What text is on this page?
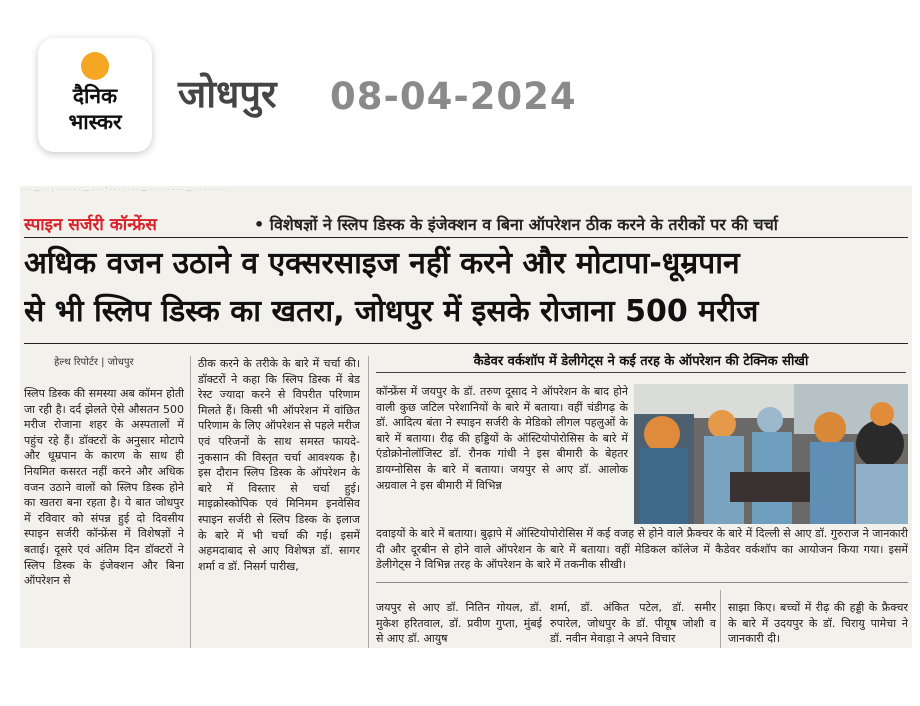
दैनिक
भास्कर
जोधपुर 08-04-2024
· · · — · · : · · · · · · — · · · ' · · · · · · · — · · · · · · · · — · · · · · · · ·
स्पाइन सर्जरी कॉन्फ्रेंस	• विशेषज्ञों ने स्लिप डिस्क के इंजेक्शन व बिना ऑपरेशन ठीक करने के तरीकों पर की चर्चा
अधिक वजन उठाने व एक्सरसाइज नहीं करने और मोटापा-धूम्रपान
से भी स्लिप डिस्क का खतरा, जोधपुर में इसके रोजाना 500 मरीज
हेल्थ रिपोर्टर | जोधपुर
स्लिप डिस्क की समस्या अब कॉमन होती जा रही है। दर्द झेलते ऐसे औसतन 500 मरीज रोजाना शहर के अस्पतालों में पहुंच रहे हैं। डॉक्टरों के अनुसार मोटापे और धूम्रपान के कारण के साथ ही नियमित कसरत नहीं करने और अधिक वजन उठाने वालों को स्लिप डिस्क होने का खतरा बना रहता है। ये बात जोधपुर में रविवार को संपन्न हुई दो दिवसीय स्पाइन सर्जरी कॉन्फ्रेंस में विशेषज्ञों ने बताई। दूसरे एवं अंतिम दिन डॉक्टरों ने स्लिप डिस्क के इंजेक्शन और बिना ऑपरेशन से
ठीक करने के तरीके के बारे में चर्चा की। डॉक्टरों ने कहा कि स्लिप डिस्क में बेड रेस्ट ज्यादा करने से विपरीत परिणाम मिलते हैं। किसी भी ऑपरेशन में वांछित परिणाम के लिए ऑपरेशन से पहले मरीज एवं परिजनों के साथ समस्त फायदे-नुकसान की विस्तृत चर्चा आवश्यक है। इस दौरान स्लिप डिस्क के ऑपरेशन के बारे में विस्तार से चर्चा हुई। माइक्रोस्कोपिक एवं मिनिमम इनवेसिव स्पाइन सर्जरी से स्लिप डिस्क के इलाज के बारे में भी चर्चा की गई। इसमें अहमदाबाद से आए विशेषज्ञ डॉ. सागर शर्मा व डॉ. निसर्ग पारीख,
कैडेवर वर्कशॉप में डेलीगेट्स ने कई तरह के ऑपरेशन की टेक्निक सीखी
कॉन्फ्रेंस में जयपुर के डॉ. तरुण दूसाद ने ऑपरेशन के बाद होने वाली कुछ जटिल परेशानियों के बारे में बताया। वहीं चंडीगढ़ के डॉ. आदित्य बंता ने स्पाइन सर्जरी के मेडिको लीगल पहलुओं के बारे में बताया। रीढ़ की हड्डियों के ऑस्टियोपोरोसिस के बारे में एंडोक्रोनोलॉजिस्ट डॉ. रौनक गांधी ने इस बीमारी के बेहतर डायग्नोसिस के बारे में बताया। जयपुर से आए डॉ. आलोक अग्रवाल ने इस बीमारी में विभिन्न
दवाइयों के बारे में बताया। बुढ़ापे में ऑस्टियोपोरोसिस में कई वजह से होने वाले फ्रैक्चर के बारे में दिल्ली से आए डॉ. गुरुराज ने जानकारी दी और दूरबीन से होने वाले ऑपरेशन के बारे में बताया। वहीं मेडिकल कॉलेज में कैडेवर वर्कशॉप का आयोजन किया गया। इसमें डेलीगेट्स ने विभिन्न तरह के ऑपरेशन के बारे में तकनीक सीखी।
जयपुर से आए डॉ. नितिन गोयल, डॉ. मुकेश हरितवाल, डॉ. प्रवीण गुप्ता, मुंबई से आए डॉ. आयुष
शर्मा, डॉ. अंकित पटेल, डॉ. समीर रुपारेल, जोधपुर के डॉ. पीयूष जोशी व डॉ. नवीन मेवाड़ा ने अपने विचार
साझा किए। बच्चों में रीढ़ की हड्डी के फ्रैक्चर के बारे में उदयपुर के डॉ. चिरायु पामेचा ने जानकारी दी।
